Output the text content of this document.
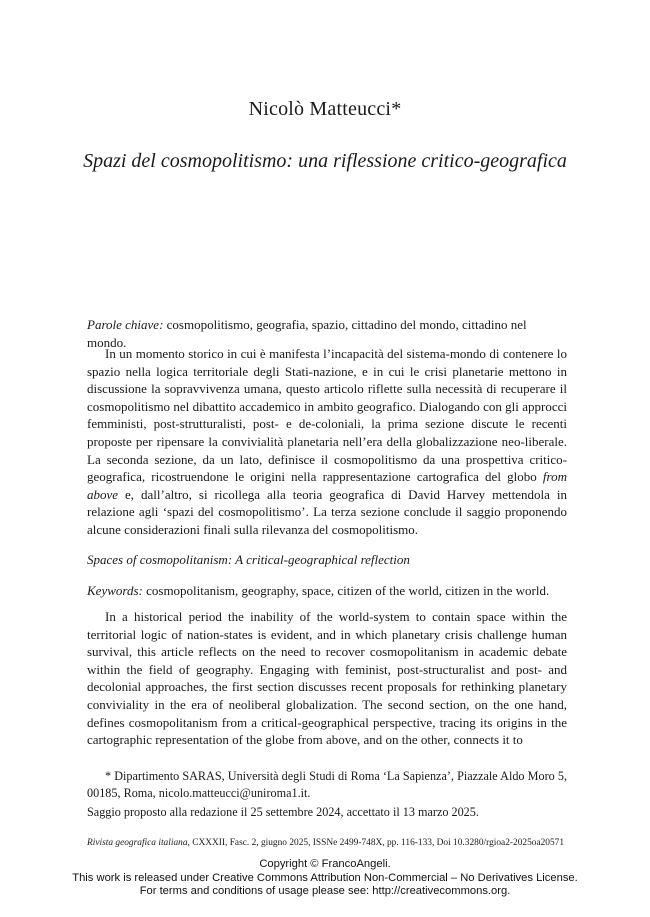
Nicolò Matteucci*
Spazi del cosmopolitismo: una riflessione critico-geografica

Parole chiave: cosmopolitismo, geografia, spazio, cittadino del mondo, cittadino nel mondo.

In un momento storico in cui è manifesta l’incapacità del sistema-mondo di contenere lo spazio nella logica territoriale degli Stati-nazione, e in cui le crisi planetarie mettono in discussione la sopravvivenza umana, questo articolo riflette sulla necessità di recuperare il cosmopolitismo nel dibattito accademico in ambito geografico. Dialogando con gli approcci femministi, post-strutturalisti, post- e de-coloniali, la prima sezione discute le recenti proposte per ripensare la convivialità planetaria nell’era della globalizzazione neo-liberale. La seconda sezione, da un lato, definisce il cosmopolitismo da una prospettiva critico-geografica, ricostruendone le origini nella rappresentazione cartografica del globo from above e, dall’altro, si ricollega alla teoria geografica di David Harvey mettendola in relazione agli ‘spazi del cosmopolitismo’. La terza sezione conclude il saggio proponendo alcune considerazioni finali sulla rilevanza del cosmopolitismo.

Spaces of cosmopolitanism: A critical-geographical reflection

Keywords: cosmopolitanism, geography, space, citizen of the world, citizen in the world.

In a historical period the inability of the world-system to contain space within the territorial logic of nation-states is evident, and in which planetary crisis challenge human survival, this article reflects on the need to recover cosmopolitanism in academic debate within the field of geography. Engaging with feminist, post-structuralist and post- and decolonial approaches, the first section discusses recent proposals for rethinking planetary conviviality in the era of neoliberal globalization. The second section, on the one hand, defines cosmopolitanism from a critical-geographical perspective, tracing its origins in the cartographic representation of the globe from above, and on the other, connects it to

* Dipartimento SARAS, Università degli Studi di Roma ‘La Sapienza’, Piazzale Aldo Moro 5, 00185, Roma, nicolo.matteucci@uniroma1.it.

Saggio proposto alla redazione il 25 settembre 2024, accettato il 13 marzo 2025.

Rivista geografica italiana, CXXXII, Fasc. 2, giugno 2025, ISSNe 2499-748X, pp. 116-133, Doi 10.3280/rgioa2-2025oa20571
Copyright © FrancoAngeli.
This work is released under Creative Commons Attribution Non-Commercial – No Derivatives License.
For terms and conditions of usage please see: http://creativecommons.org.
